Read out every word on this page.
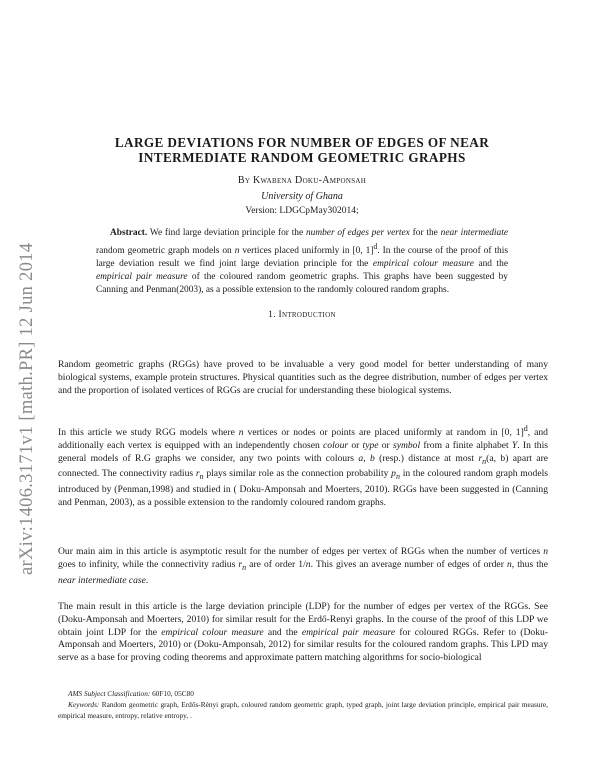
arXiv:1406.3171v1 [math.PR] 12 Jun 2014
LARGE DEVIATIONS FOR NUMBER OF EDGES OF NEAR
INTERMEDIATE RANDOM GEOMETRIC GRAPHS
By Kwabena Doku-Amponsah
University of Ghana
Version: LDGCpMay302014;

Abstract. We find large deviation principle for the number of edges per vertex for the near intermediate random geometric graph models on n vertices placed uniformly in [0, 1]$^d$. In the course of the proof of this large deviation result we find joint large deviation principle for the empirical colour measure and the empirical pair measure of the coloured random geometric graphs. This graphs have been suggested by Canning and Penman(2003), as a possible extension to the randomly coloured random graphs.

1. Introduction

Random geometric graphs (RGGs) have proved to be invaluable a very good model for better understanding of many biological systems, example protein structures. Physical quantities such as the degree distribution, number of edges per vertex and the proportion of isolated vertices of RGGs are crucial for understanding these biological systems.

In this article we study RGG models where n vertices or nodes or points are placed uniformly at random in [0, 1]$^d$, and additionally each vertex is equipped with an independently chosen colour or type or symbol from a finite alphabet Y. In this general models of R.G graphs we consider, any two points with colours a, b (resp.) distance at most $r_n(a$, b) apart are connected. The connectivity radius $r_n$ plays similar role as the connection probability $p_n$ in the coloured random graph models introduced by (Penman,1998) and studied in ( Doku-Amponsah and Moerters, 2010). RGGs have been suggested in (Canning and Penman, 2003), as a possible extension to the randomly coloured random graphs.

Our main aim in this article is asymptotic result for the number of edges per vertex of RGGs when the number of vertices n goes to infinity, while the connectivity radius $r_n$ are of order 1/n. This gives an average number of edges of order n, thus the near intermediate case.

The main result in this article is the large deviation principle (LDP) for the number of edges per vertex of the RGGs. See (Doku-Amponsah and Moerters, 2010) for similar result for the Erdő-Renyi graphs. In the course of the proof of this LDP we obtain joint LDP for the empirical colour measure and the empirical pair measure for coloured RGGs. Refer to (Doku-Amponsah and Moerters, 2010) or (Doku-Amponsah, 2012) for similar results for the coloured random graphs. This LPD may serve as a base for proving coding theorems and approximate pattern matching algorithms for socio-biological

AMS Subject Classification: 60F10, 05C80

Keywords: Random geometric graph, Erdős-Rényi graph, coloured random geometric graph, typed graph, joint large deviation principle, empirical pair measure, empirical measure, entropy, relative entropy, .
